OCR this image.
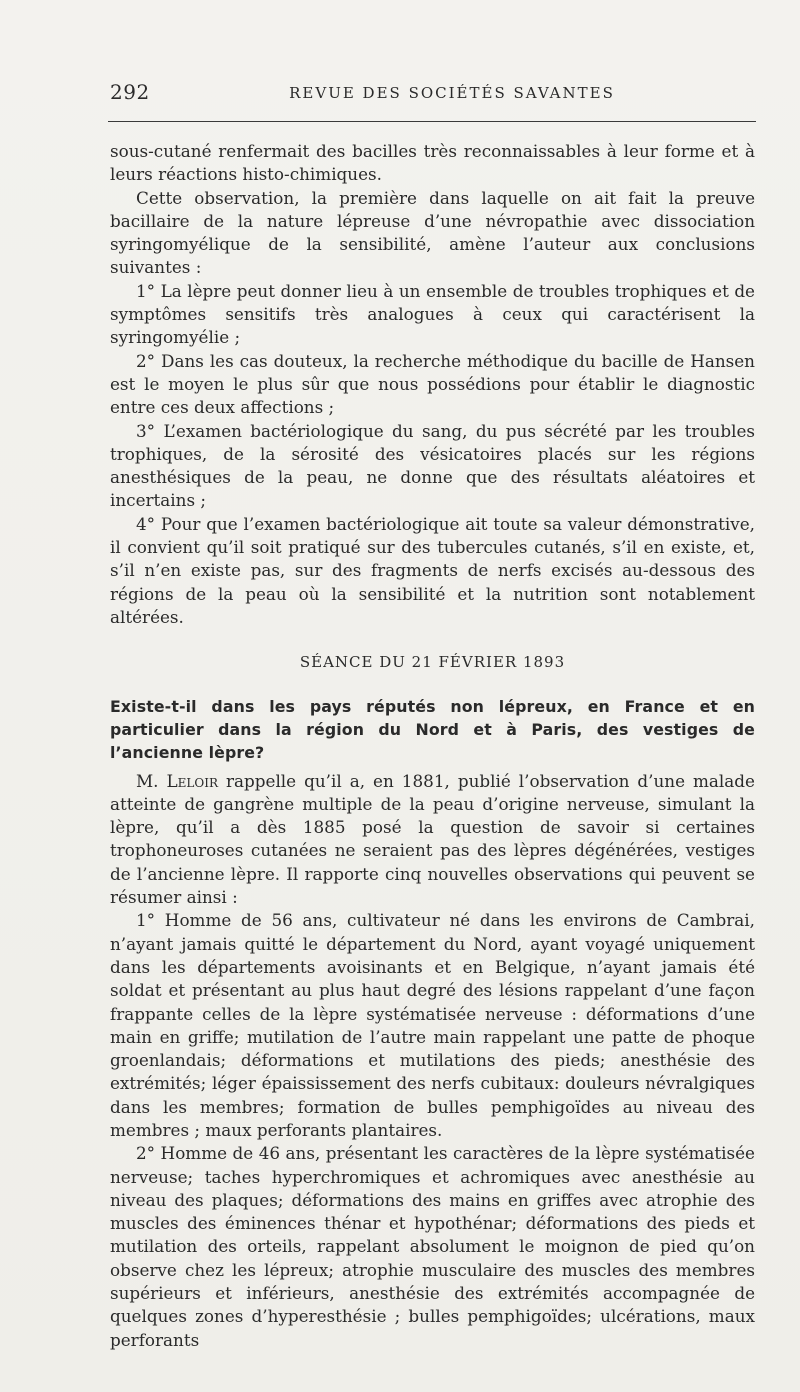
292	REVUE DES SOCIÉTÉS SAVANTES

sous-cutané renfermait des bacilles très reconnaissables à leur forme et à leurs réactions histo-chimiques.

Cette observation, la première dans laquelle on ait fait la preuve bacillaire de la nature lépreuse d’une névropathie avec dissociation syringomyélique de la sensibilité, amène l’auteur aux conclusions suivantes :

1° La lèpre peut donner lieu à un ensemble de troubles trophiques et de symptômes sensitifs très analogues à ceux qui caractérisent la syringomyélie ;

2° Dans les cas douteux, la recherche méthodique du bacille de Hansen est le moyen le plus sûr que nous possédions pour établir le diagnostic entre ces deux affections ;

3° L’examen bactériologique du sang, du pus sécrété par les troubles trophiques, de la sérosité des vésicatoires placés sur les régions anesthésiques de la peau, ne donne que des résultats aléatoires et incertains ;

4° Pour que l’examen bactériologique ait toute sa valeur démonstrative, il convient qu’il soit pratiqué sur des tubercules cutanés, s’il en existe, et, s’il n’en existe pas, sur des fragments de nerfs excisés au-dessous des régions de la peau où la sensibilité et la nutrition sont notablement altérées.

SÉANCE DU 21 FÉVRIER 1893

Existe-t-il dans les pays réputés non lépreux, en France et en particulier dans la région du Nord et à Paris, des vestiges de l’ancienne lèpre?

M. Leloir rappelle qu’il a, en 1881, publié l’observation d’une malade atteinte de gangrène multiple de la peau d’origine nerveuse, simulant la lèpre, qu’il a dès 1885 posé la question de savoir si certaines trophoneuroses cutanées ne seraient pas des lèpres dégénérées, vestiges de l’ancienne lèpre. Il rapporte cinq nouvelles observations qui peuvent se résumer ainsi :

1° Homme de 56 ans, cultivateur né dans les environs de Cambrai, n’ayant jamais quitté le département du Nord, ayant voyagé uniquement dans les départements avoisinants et en Belgique, n’ayant jamais été soldat et présentant au plus haut degré des lésions rappelant d’une façon frappante celles de la lèpre systématisée nerveuse : déformations d’une main en griffe; mutilation de l’autre main rappelant une patte de phoque groenlandais; déformations et mutilations des pieds; anesthésie des extrémités; léger épaississement des nerfs cubitaux: douleurs névralgiques dans les membres; formation de bulles pemphigoïdes au niveau des membres ; maux perforants plantaires.

2° Homme de 46 ans, présentant les caractères de la lèpre systématisée nerveuse; taches hyperchromiques et achromiques avec anesthésie au niveau des plaques; déformations des mains en griffes avec atrophie des muscles des éminences thénar et hypothénar; déformations des pieds et mutilation des orteils, rappelant absolument le moignon de pied qu’on observe chez les lépreux; atrophie musculaire des muscles des membres supérieurs et inférieurs, anesthésie des extrémités accompagnée de quelques zones d’hyperesthésie ; bulles pemphigoïdes; ulcérations, maux perforants
